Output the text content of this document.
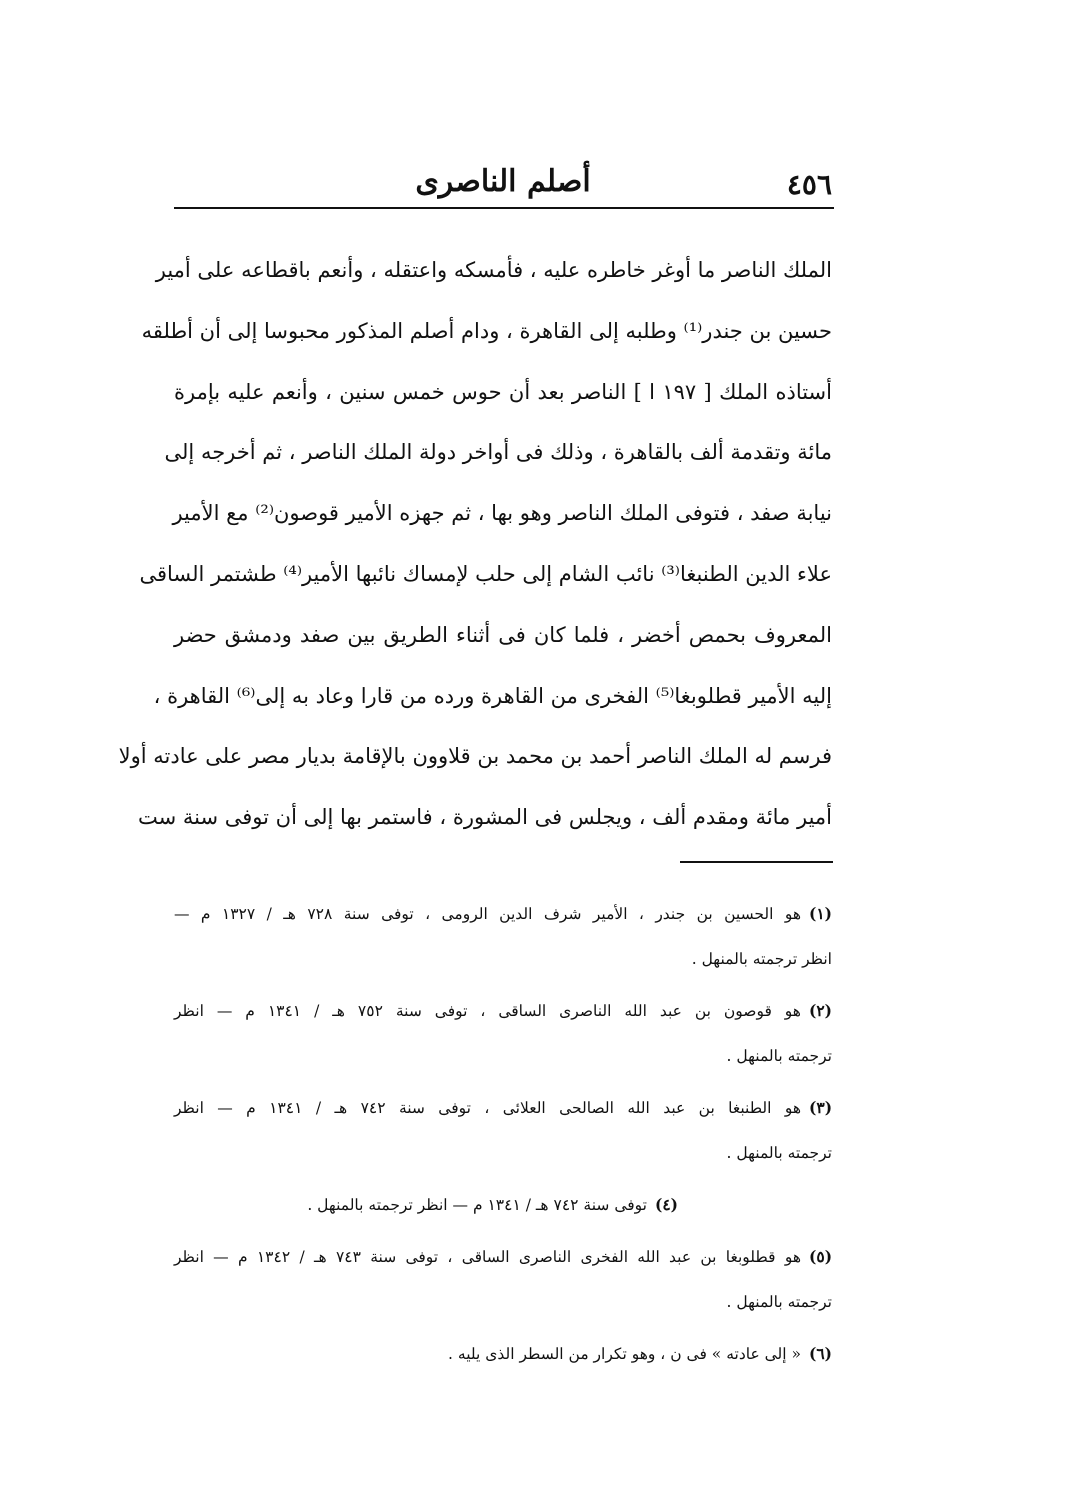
٤٥٦
أصلم الناصرى
الملك الناصر ما أوغر خاطره عليه ، فأمسكه واعتقله ، وأنعم باقطاعه على أمير
حسين بن جندر⁽¹⁾ وطلبه إلى القاهرة ، ودام أصلم المذكور محبوسا إلى أن أطلقه
أستاذه الملك [ ١٩٧ ا ] الناصر بعد أن حوس خمس سنين ، وأنعم عليه بإمرة
مائة وتقدمة ألف بالقاهرة ، وذلك فى أواخر دولة الملك الناصر ، ثم أخرجه إلى
نيابة صفد ، فتوفى الملك الناصر وهو بها ، ثم جهزه الأمير قوصون⁽²⁾ مع الأمير
علاء الدين الطنبغا⁽³⁾ نائب الشام إلى حلب لإمساك نائبها الأمير⁽⁴⁾ طشتمر الساقى
المعروف بحمص أخضر ، فلما كان فى أثناء الطريق بين صفد ودمشق حضر
إليه الأمير قطلوبغا⁽⁵⁾ الفخرى من القاهرة ورده من قارا وعاد به إلى⁽⁶⁾ القاهرة ،
فرسم له الملك الناصر أحمد بن محمد بن قلاوون بالإقامة بديار مصر على عادته أولا
أمير مائة ومقدم ألف ، ويجلس فى المشورة ، فاستمر بها إلى أن توفى سنة ست
(١)هو الحسين بن جندر ، الأمير شرف الدين الرومى ، توفى سنة ٧٢٨ هـ / ١٣٢٧ م —
انظر ترجمته بالمنهل .
(٢)هو قوصون بن عبد الله الناصرى الساقى ، توفى سنة ٧٥٢ هـ / ١٣٤١ م — انظر
ترجمته بالمنهل .
(٣)هو الطنبغا بن عبد الله الصالحى العلائى ، توفى سنة ٧٤٢ هـ / ١٣٤١ م — انظر
ترجمته بالمنهل .
(٤)توفى سنة ٧٤٢ هـ / ١٣٤١ م — انظر ترجمته بالمنهل .
(٥)هو قطلوبغا بن عبد الله الفخرى الناصرى الساقى ، توفى سنة ٧٤٣ هـ / ١٣٤٢ م — انظر
ترجمته بالمنهل .
(٦)« إلى عادته » فى ن ، وهو تكرار من السطر الذى يليه .
